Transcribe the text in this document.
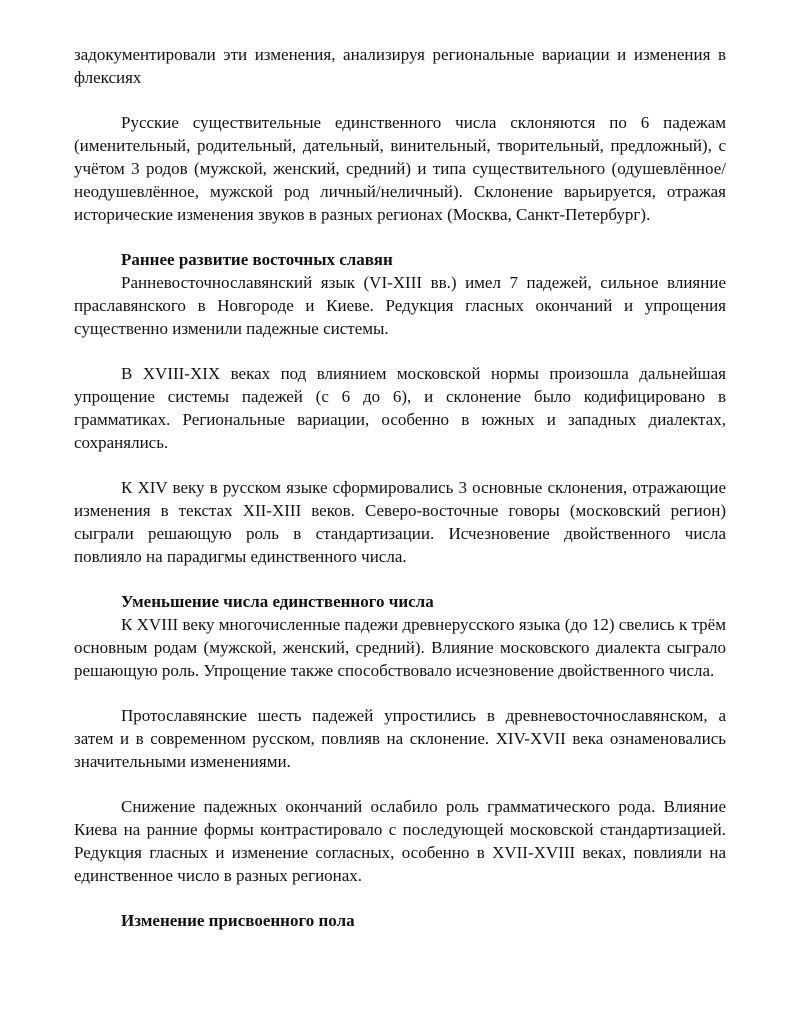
задокументировали эти изменения, анализируя региональные вариации и изменения в флексиях

Русские существительные единственного числа склоняются по 6 падежам (именительный, родительный, дательный, винительный, творительный, предложный), с учётом 3 родов (мужской, женский, средний) и типа существительного (одушевлённое/неодушевлённое, мужской род личный/неличный). Склонение варьируется, отражая исторические изменения звуков в разных регионах (Москва, Санкт-Петербург).

Раннее развитие восточных славян

Ранневосточнославянский язык (VI-XIII вв.) имел 7 падежей, сильное влияние праславянского в Новгороде и Киеве. Редукция гласных окончаний и упрощения существенно изменили падежные системы.

В XVIII-XIX веках под влиянием московской нормы произошла дальнейшая упрощение системы падежей (с 6 до 6), и склонение было кодифицировано в грамматиках. Региональные вариации, особенно в южных и западных диалектах, сохранялись.

К XIV веку в русском языке сформировались 3 основные склонения, отражающие изменения в текстах XII-XIII веков. Северо-восточные говоры (московский регион) сыграли решающую роль в стандартизации. Исчезновение двойственного числа повлияло на парадигмы единственного числа.

Уменьшение числа единственного числа

К XVIII веку многочисленные падежи древнерусского языка (до 12) свелись к трём основным родам (мужской, женский, средний). Влияние московского диалекта сыграло решающую роль. Упрощение также способствовало исчезновение двойственного числа.

Протославянские шесть падежей упростились в древневосточнославянском, а затем и в современном русском, повлияв на склонение. XIV-XVII века ознаменовались значительными изменениями.

Снижение падежных окончаний ослабило роль грамматического рода. Влияние Киева на ранние формы контрастировало с последующей московской стандартизацией. Редукция гласных и изменение согласных, особенно в XVII-XVIII веках, повлияли на единственное число в разных регионах.

Изменение присвоенного пола
